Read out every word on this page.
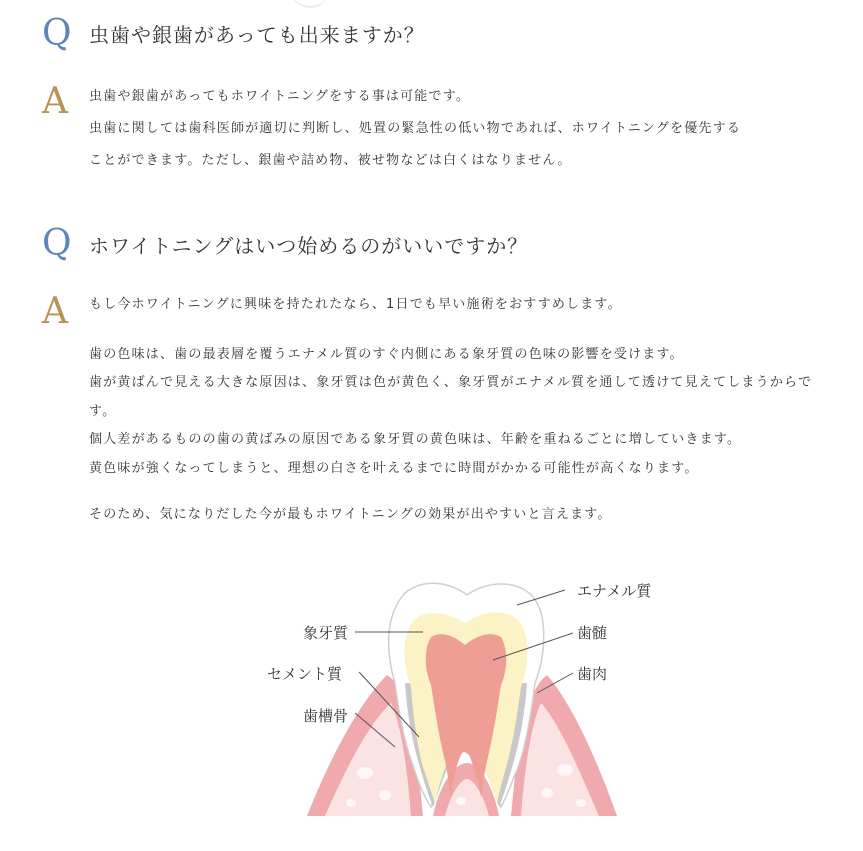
Q 虫歯や銀歯があっても出来ますか？
A 虫歯や銀歯があってもホワイトニングをする事は可能です。

虫歯に関しては歯科医師が適切に判断し、処置の緊急性の低い物であれば、ホワイトニングを優先する

ことができます。ただし、銀歯や詰め物、被せ物などは白くはなりません。

Q ホワイトニングはいつ始めるのがいいですか？
A もし今ホワイトニングに興味を持たれたなら、1日でも早い施術をおすすめします。

歯の色味は、歯の最表層を覆うエナメル質のすぐ内側にある象牙質の色味の影響を受けます。

歯が黄ばんで見える大きな原因は、象牙質は色が黄色く、象牙質がエナメル質を通して透けて見えてしまうからで

す。

個人差があるものの歯の黄ばみの原因である象牙質の黄色味は、年齢を重ねるごとに増していきます。

黄色味が強くなってしまうと、理想の白さを叶えるまでに時間がかかる可能性が高くなります。

そのため、気になりだした今が最もホワイトニングの効果が出やすいと言えます。

エナメル質
象牙質	歯髄
セメント質	歯肉
歯槽骨
